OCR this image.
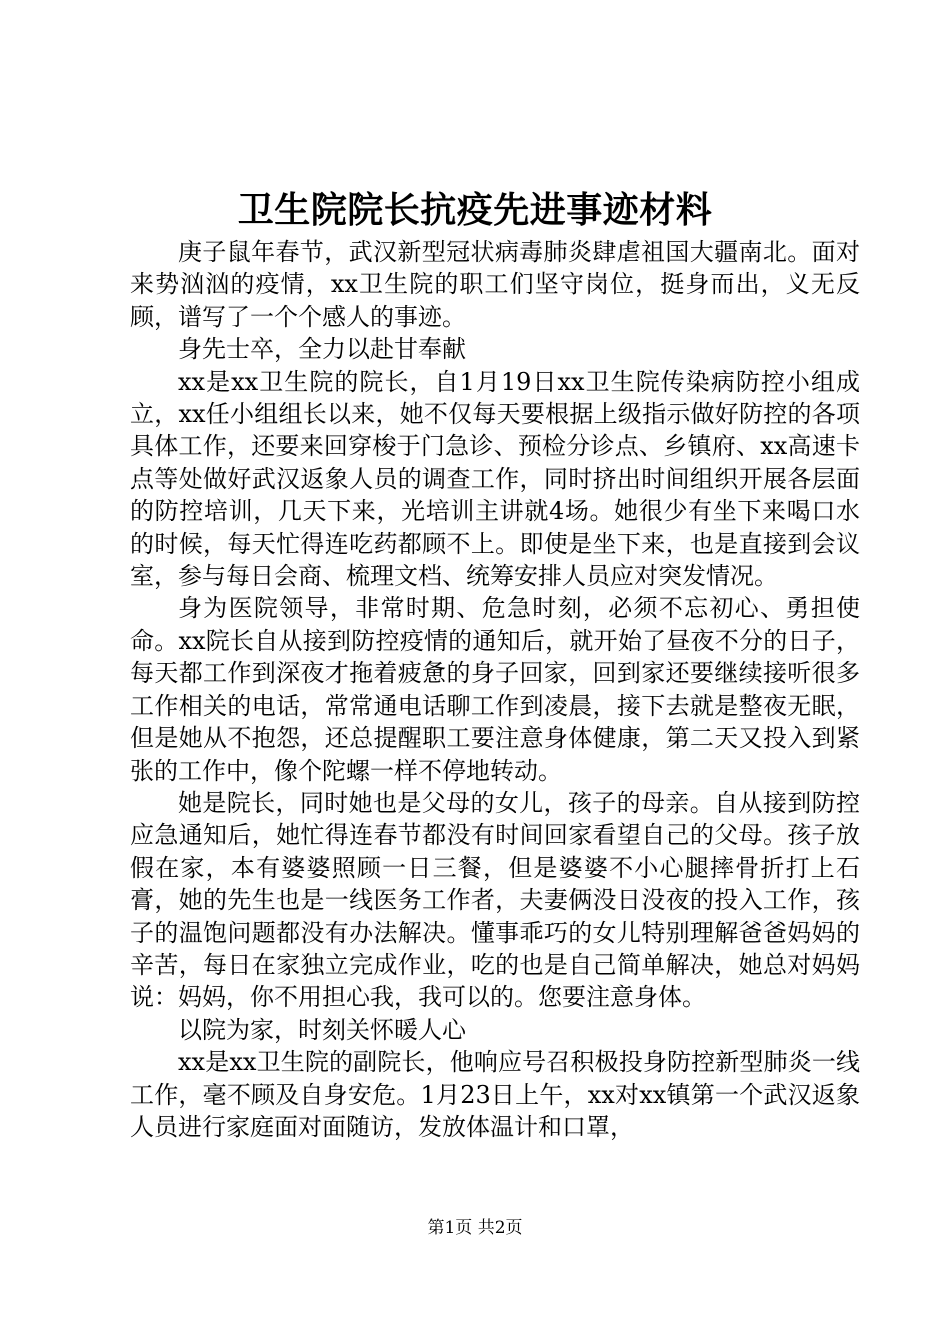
卫生院院长抗疫先进事迹材料

庚子鼠年春节，武汉新型冠状病毒肺炎肆虐祖国大疆南北。面对来势汹汹的疫情，xx卫生院的职工们坚守岗位，挺身而出，义无反顾，谱写了一个个感人的事迹。

身先士卒，全力以赴甘奉献

xx是xx卫生院的院长，自1月19日xx卫生院传染病防控小组成立，xx任小组组长以来，她不仅每天要根据上级指示做好防控的各项具体工作，还要来回穿梭于门急诊、预检分诊点、乡镇府、xx高速卡点等处做好武汉返象人员的调查工作，同时挤出时间组织开展各层面的防控培训，几天下来，光培训主讲就4场。她很少有坐下来喝口水的时候，每天忙得连吃药都顾不上。即使是坐下来，也是直接到会议室，参与每日会商、梳理文档、统筹安排人员应对突发情况。

身为医院领导，非常时期、危急时刻，必须不忘初心、勇担使命。xx院长自从接到防控疫情的通知后，就开始了昼夜不分的日子，每天都工作到深夜才拖着疲惫的身子回家，回到家还要继续接听很多工作相关的电话，常常通电话聊工作到凌晨，接下去就是整夜无眠，但是她从不抱怨，还总提醒职工要注意身体健康，第二天又投入到紧张的工作中，像个陀螺一样不停地转动。

她是院长，同时她也是父母的女儿，孩子的母亲。自从接到防控应急通知后，她忙得连春节都没有时间回家看望自己的父母。孩子放假在家，本有婆婆照顾一日三餐，但是婆婆不小心腿摔骨折打上石膏，她的先生也是一线医务工作者，夫妻俩没日没夜的投入工作，孩子的温饱问题都没有办法解决。懂事乖巧的女儿特别理解爸爸妈妈的辛苦，每日在家独立完成作业，吃的也是自己简单解决，她总对妈妈说：妈妈，你不用担心我，我可以的。您要注意身体。

以院为家，时刻关怀暖人心

xx是xx卫生院的副院长，他响应号召积极投身防控新型肺炎一线工作，毫不顾及自身安危。1月23日上午，xx对xx镇第一个武汉返象人员进行家庭面对面随访，发放体温计和口罩，

第1页 共2页
